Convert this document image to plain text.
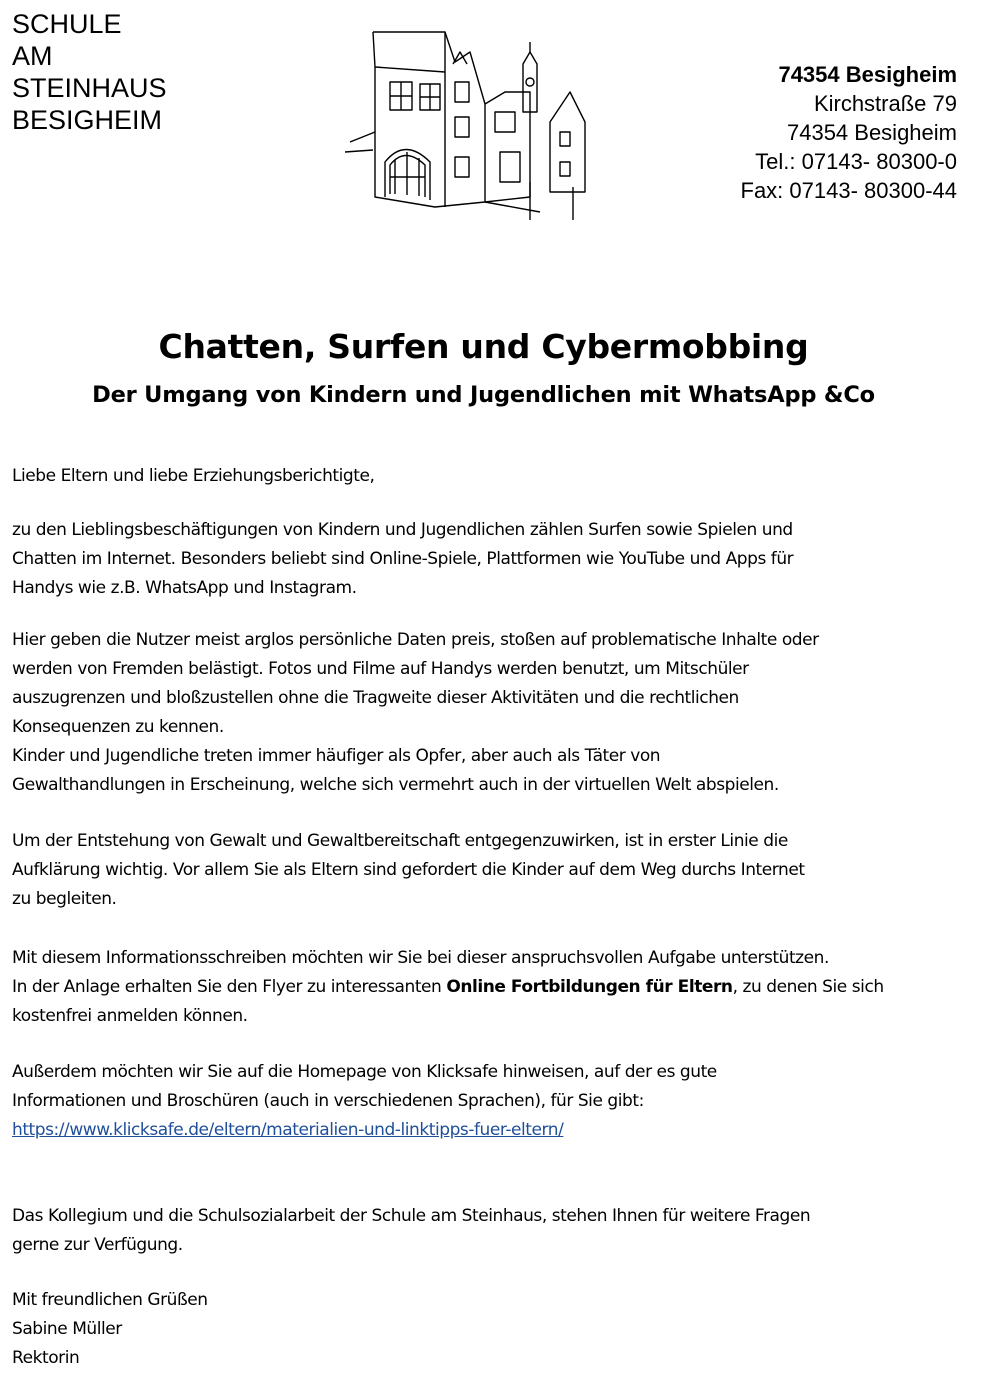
SCHULE
AM
STEINHAUS
BESIGHEIM
74354 Besigheim
Kirchstraße 79
74354 Besigheim
Tel.: 07143- 80300-0
Fax: 07143- 80300-44
Chatten, Surfen und Cybermobbing
Der Umgang von Kindern und Jugendlichen mit WhatsApp &Co
Liebe Eltern und liebe Erziehungsberichtigte,
zu den Lieblingsbeschäftigungen von Kindern und Jugendlichen zählen Surfen sowie Spielen und
Chatten im Internet. Besonders beliebt sind Online-Spiele, Plattformen wie YouTube und Apps für
Handys wie z.B. WhatsApp und Instagram.
Hier geben die Nutzer meist arglos persönliche Daten preis, stoßen auf problematische Inhalte oder
werden von Fremden belästigt. Fotos und Filme auf Handys werden benutzt, um Mitschüler
auszugrenzen und bloßzustellen ohne die Tragweite dieser Aktivitäten und die rechtlichen
Konsequenzen zu kennen.
Kinder und Jugendliche treten immer häufiger als Opfer, aber auch als Täter von
Gewalthandlungen in Erscheinung, welche sich vermehrt auch in der virtuellen Welt abspielen.
Um der Entstehung von Gewalt und Gewaltbereitschaft entgegenzuwirken, ist in erster Linie die
Aufklärung wichtig. Vor allem Sie als Eltern sind gefordert die Kinder auf dem Weg durchs Internet
zu begleiten.
Mit diesem Informationsschreiben möchten wir Sie bei dieser anspruchsvollen Aufgabe unterstützen.
In der Anlage erhalten Sie den Flyer zu interessanten Online Fortbildungen für Eltern, zu denen Sie sich
kostenfrei anmelden können.
Außerdem möchten wir Sie auf die Homepage von Klicksafe hinweisen, auf der es gute
Informationen und Broschüren (auch in verschiedenen Sprachen), für Sie gibt:
https://www.klicksafe.de/eltern/materialien-und-linktipps-fuer-eltern/
Das Kollegium und die Schulsozialarbeit der Schule am Steinhaus, stehen Ihnen für weitere Fragen
gerne zur Verfügung.
Mit freundlichen Grüßen
Sabine Müller
Rektorin
